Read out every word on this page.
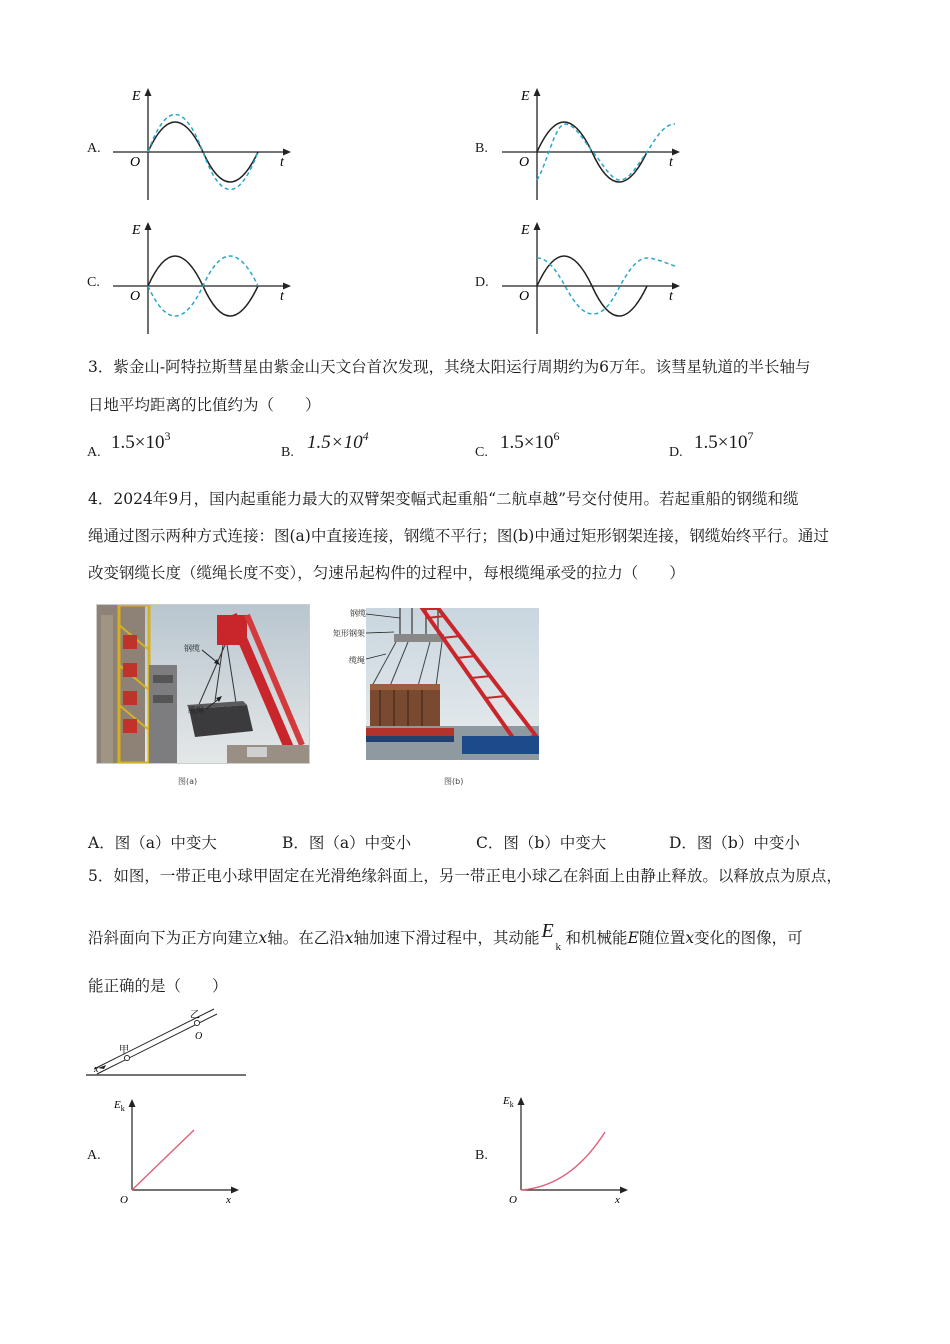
A.	B.
C.	D.
E
O	t
E
O	t
E
O	t
E
O	t
3．紫金山-阿特拉斯彗星由紫金山天文台首次发现，其绕太阳运行周期约为6万年。该彗星轨道的半长轴与
日地平均距离的比值约为（　　）
A. $1.5\times 10^3$
B. $1.5\times 10^4$
C. $1.5\times 10^6$
D. $1.5\times 10^7$
4．2024年9月，国内起重能力最大的双臂架变幅式起重船“二航卓越”号交付使用。若起重船的钢缆和缆
绳通过图示两种方式连接：图(a)中直接连接，钢缆不平行；图(b)中通过矩形钢架连接，钢缆始终平行。通过
改变钢缆长度（缆绳长度不变），匀速吊起构件的过程中，每根缆绳承受的拉力（　　）
钢缆
缆绳
图(a)
钢缆
矩形钢架
缆绳
图(b)
A．图（a）中变大	B．图（a）中变小	C．图（b）中变大	D．图（b）中变小
5．如图，一带正电小球甲固定在光滑绝缘斜面上，另一带正电小球乙在斜面上由静止释放。以释放点为原点，
沿斜面向下为正方向建立x轴。在乙沿x轴加速下滑过程中，其动能 E
k 和机械能E随位置x变化的图像，可
能正确的是（　　）
甲
乙
O
x
A.
$E_k$
O	x
B.
$E_k$
O	x
